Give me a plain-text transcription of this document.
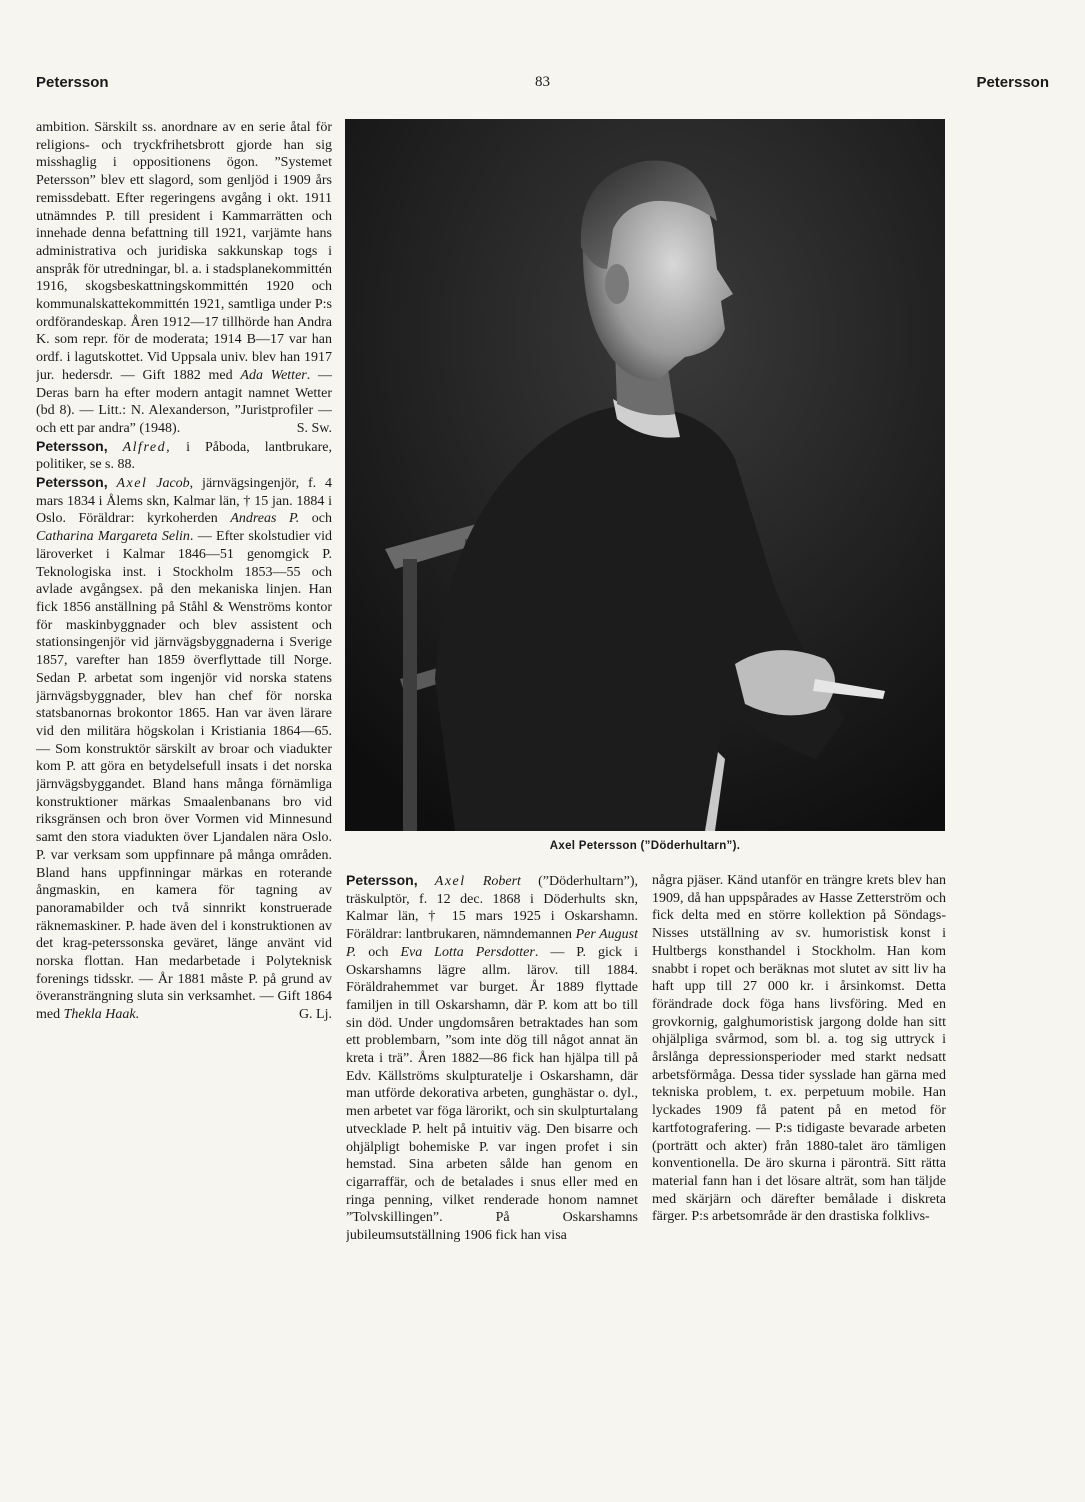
Petersson	83	Petersson

ambition. Särskilt ss. anordnare av en serie åtal för religions- och tryckfrihetsbrott gjorde han sig misshaglig i oppositionens ögon. ”Systemet Petersson” blev ett slagord, som genljöd i 1909 års remissdebatt. Efter regeringens avgång i okt. 1911 utnämndes P. till president i Kammarrätten och innehade denna befattning till 1921, varjämte hans administrativa och juridiska sakkunskap togs i anspråk för utredningar, bl. a. i stadsplanekommittén 1916, skogsbeskattningskommittén 1920 och kommunalskattekommittén 1921, samtliga under P:s ordförandeskap. Åren 1912—17 tillhörde han Andra K. som repr. för de moderata; 1914 B—17 var han ordf. i lagutskottet. Vid Uppsala univ. blev han 1917 jur. hedersdr. — Gift 1882 med Ada Wetter. — Deras barn ha efter modern antagit namnet Wetter (bd 8). — Litt.: N. Alexanderson, ”Juristprofiler — och ett par andra” (1948).	S. Sw.

Petersson, Alfred, i Påboda, lantbrukare, politiker, se s. 88.

Petersson, Axel Jacob, järnvägsingenjör, f. 4 mars 1834 i Ålems skn, Kalmar län, † 15 jan. 1884 i Oslo. Föräldrar: kyrkoherden Andreas P. och Catharina Margareta Selin. — Efter skolstudier vid läroverket i Kalmar 1846—51 genomgick P. Teknologiska inst. i Stockholm 1853—55 och avlade avgångsex. på den mekaniska linjen. Han fick 1856 anställning på Ståhl & Wenströms kontor för maskinbyggnader och blev assistent och stationsingenjör vid järnvägsbyggnaderna i Sverige 1857, varefter han 1859 överflyttade till Norge. Sedan P. arbetat som ingenjör vid norska statens järnvägsbyggnader, blev han chef för norska statsbanornas brokontor 1865. Han var även lärare vid den militära högskolan i Kristiania 1864—65. — Som konstruktör särskilt av broar och viadukter kom P. att göra en betydelsefull insats i det norska järnvägsbyggandet. Bland hans många förnämliga konstruktioner märkas Smaalenbanans bro vid riksgränsen och bron över Vormen vid Minnesund samt den stora viadukten över Ljandalen nära Oslo. P. var verksam som uppfinnare på många områden. Bland hans uppfinningar märkas en roterande ångmaskin, en kamera för tagning av panoramabilder och två sinnrikt konstruerade räknemaskiner. P. hade även del i konstruktionen av det krag-peterssonska geväret, länge använt vid norska flottan. Han medarbetade i Polyteknisk forenings tidsskr. — År 1881 måste P. på grund av överansträngning sluta sin verksamhet. — Gift 1864 med Thekla Haak.	G. Lj.

Axel Petersson (”Döderhultarn”).

Petersson, Axel Robert (”Döderhultarn”), träskulptör, f. 12 dec. 1868 i Döderhults skn, Kalmar län, † 15 mars 1925 i Oskarshamn. Föräldrar: lantbrukaren, nämndemannen Per August P. och Eva Lotta Persdotter. — P. gick i Oskarshamns lägre allm. lärov. till 1884. Föräldrahemmet var burget. År 1889 flyttade familjen in till Oskarshamn, där P. kom att bo till sin död. Under ungdomsåren betraktades han som ett problembarn, ”som inte dög till något annat än kreta i trä”. Åren 1882—86 fick han hjälpa till på Edv. Källströms skulpturatelje i Oskarshamn, där man utförde dekorativa arbeten, gunghästar o. dyl., men arbetet var föga lärorikt, och sin skulpturtalang utvecklade P. helt på intuitiv väg. Den bisarre och ohjälpligt bohemiske P. var ingen profet i sin hemstad. Sina arbeten sålde han genom en cigarraffär, och de betalades i snus eller med en ringa penning, vilket renderade honom namnet ”Tolvskillingen”. På Oskarshamns jubileumsutställning 1906 fick han visa

några pjäser. Känd utanför en trängre krets blev han 1909, då han uppspårades av Hasse Zetterström och fick delta med en större kollektion på Söndags-Nisses utställning av sv. humoristisk konst i Hultbergs konsthandel i Stockholm. Han kom snabbt i ropet och beräknas mot slutet av sitt liv ha haft upp till 27 000 kr. i årsinkomst. Detta förändrade dock föga hans livsföring. Med en grovkornig, galghumoristisk jargong dolde han sitt ohjälpliga svårmod, som bl. a. tog sig uttryck i årslånga depressionsperioder med starkt nedsatt arbetsförmåga. Dessa tider sysslade han gärna med tekniska problem, t. ex. perpetuum mobile. Han lyckades 1909 få patent på en metod för kartfotografering. — P:s tidigaste bevarade arbeten (porträtt och akter) från 1880-talet äro tämligen konventionella. De äro skurna i päronträ. Sitt rätta material fann han i det lösare alträt, som han täljde med skärjärn och därefter bemålade i diskreta färger. P:s arbetsområde är den drastiska folklivs-
